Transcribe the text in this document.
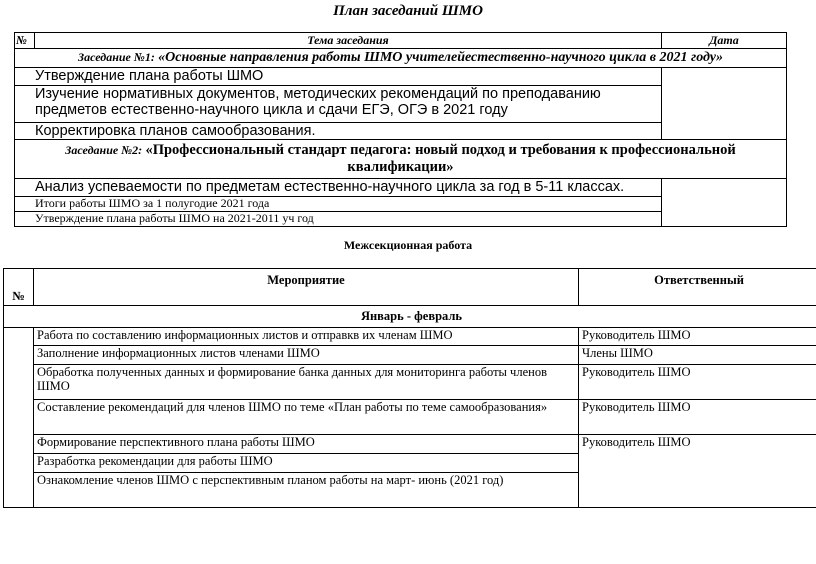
План заседаний ШМО
№	Тема заседания	Дата
Заседание №1: «Основные направления работы ШМО учителейестественно-научного цикла в 2021 году»		
Утверждение плана работы ШМО		
Изучение нормативных документов, методических рекомендаций по преподаванию предметов естественно-научного цикла и сдачи ЕГЭ, ОГЭ в 2021 году		
Корректировка планов самообразования.		
Заседание №2: «Профессиональный стандарт педагога: новый подход и требования к профессиональной квалификации»		
Анализ успеваемости по предметам естественно-научного цикла за год в 5-11 классах.		
Итоги работы ШМО за 1 полугодие 2021 года		
Утверждение плана работы ШМО на 2021-2011 уч год		
Межсекционная работа
№	Мероприятие	Ответственный
Январь - февраль		
	Работа по составлению информационных листов и отправкв их членам ШМО	Руководитель ШМО
	Заполнение информационных листов членами ШМО	Члены ШМО
	Обработка полученных данных и формирование банка данных для мониторинга работы членов ШМО	Руководитель ШМО
	Составление рекомендаций для членов ШМО по теме «План работы по теме самообразования»	Руководитель ШМО
	Формирование перспективного плана работы ШМО	Руководитель ШМО
	Разработка рекомендации для работы ШМО	
	Ознакомление членов ШМО с перспективным планом работы на март- июнь (2021 год)	
